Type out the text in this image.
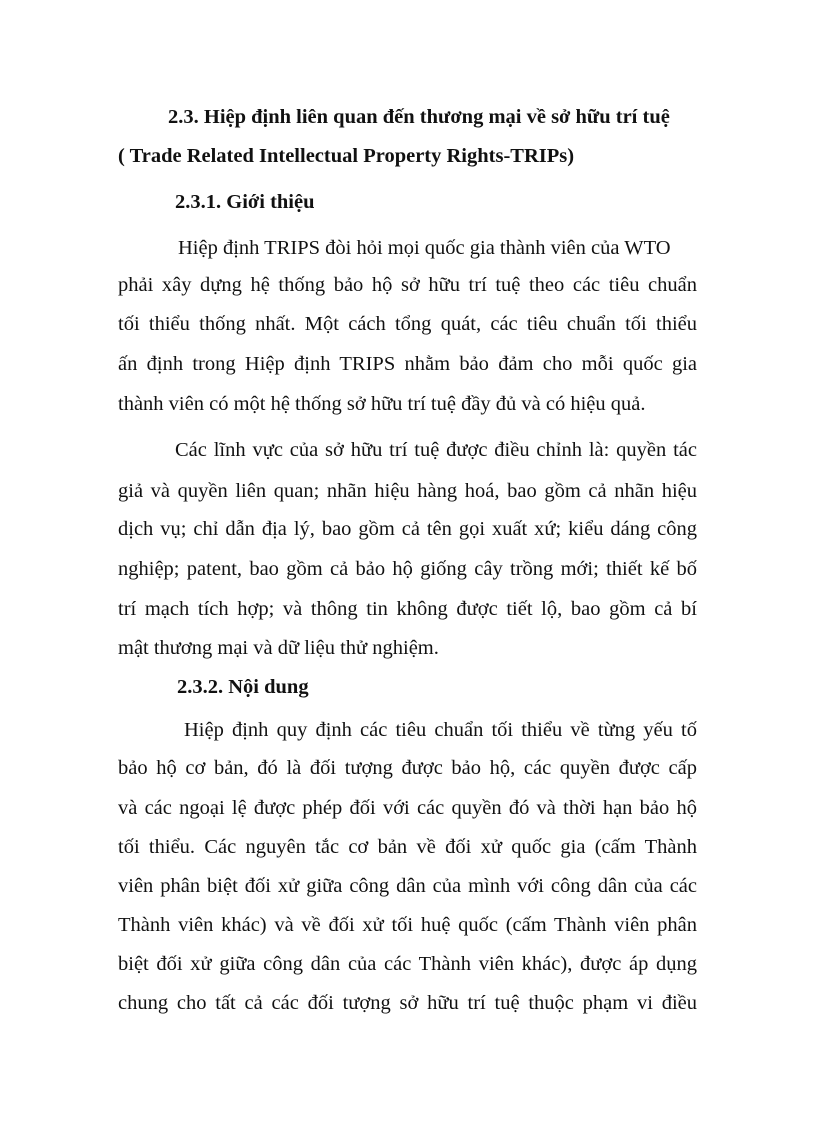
2.3. Hiệp định liên quan đến thương mại về sở hữu trí tuệ

( Trade Related Intellectual Property Rights-TRIPs)

2.3.1. Giới thiệu

Hiệp định TRIPS đòi hỏi mọi quốc gia thành viên của WTO

phải xây dựng hệ thống bảo hộ sở hữu trí tuệ theo các tiêu chuẩn

tối thiểu thống nhất. Một cách tổng quát, các tiêu chuẩn tối thiểu

ấn định trong Hiệp định TRIPS nhằm bảo đảm cho mỗi quốc gia

thành viên có một hệ thống sở hữu trí tuệ đầy đủ và có hiệu quả.

Các lĩnh vực của sở hữu trí tuệ được điều chỉnh là: quyền tác

giả và quyền liên quan; nhãn hiệu hàng hoá, bao gồm cả nhãn hiệu

dịch vụ; chỉ dẫn địa lý, bao gồm cả tên gọi xuất xứ; kiểu dáng công

nghiệp; patent, bao gồm cả bảo hộ giống cây trồng mới; thiết kế bố

trí mạch tích hợp; và thông tin không được tiết lộ, bao gồm cả bí

mật thương mại và dữ liệu thử nghiệm.

2.3.2. Nội dung

Hiệp định quy định các tiêu chuẩn tối thiểu về từng yếu tố

bảo hộ cơ bản, đó là đối tượng được bảo hộ, các quyền được cấp

và các ngoại lệ được phép đối với các quyền đó và thời hạn bảo hộ

tối thiểu. Các nguyên tắc cơ bản về đối xử quốc gia (cấm Thành

viên phân biệt đối xử giữa công dân của mình với công dân của các

Thành viên khác) và về đối xử tối huệ quốc (cấm Thành viên phân

biệt đối xử giữa công dân của các Thành viên khác), được áp dụng

chung cho tất cả các đối tượng sở hữu trí tuệ thuộc phạm vi điều
